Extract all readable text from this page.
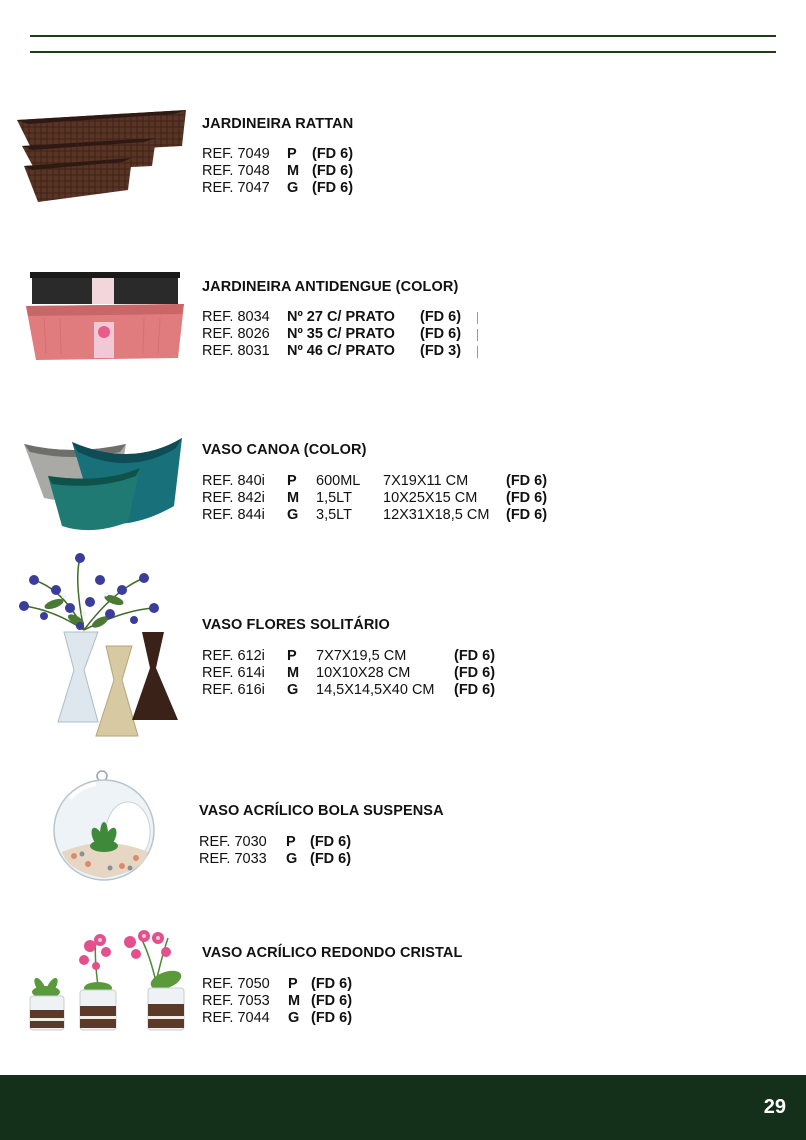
JARDINEIRA RATTAN
REF. 7049 P (FD 6)
REF. 7048 M (FD 6)
REF. 7047 G (FD 6)
JARDINEIRA ANTIDENGUE (COLOR)
REF. 8034 Nº 27 C/ PRATO (FD 6)
REF. 8026 Nº 35 C/ PRATO (FD 6)
REF. 8031 Nº 46 C/ PRATO (FD 3)
VASO CANOA (COLOR)
REF. 840i P 600ML 7X19X11 CM	(FD 6)
REF. 842i M 1,5LT 10X25X15 CM (FD 6)
REF. 844i G 3,5LT 12X31X18,5 CM (FD 6)
VASO FLORES SOLITÁRIO
REF. 612i P 7X7X19,5 CM	(FD 6)
REF. 614i M 10X10X28 CM	(FD 6)
REF. 616i G 14,5X14,5X40 CM (FD 6)
VASO ACRÍLICO BOLA SUSPENSA
REF. 7030 P (FD 6)
REF. 7033 G (FD 6)
VASO ACRÍLICO REDONDO CRISTAL
REF. 7050 P (FD 6)
REF. 7053 M (FD 6)
REF. 7044 G (FD 6)
29
